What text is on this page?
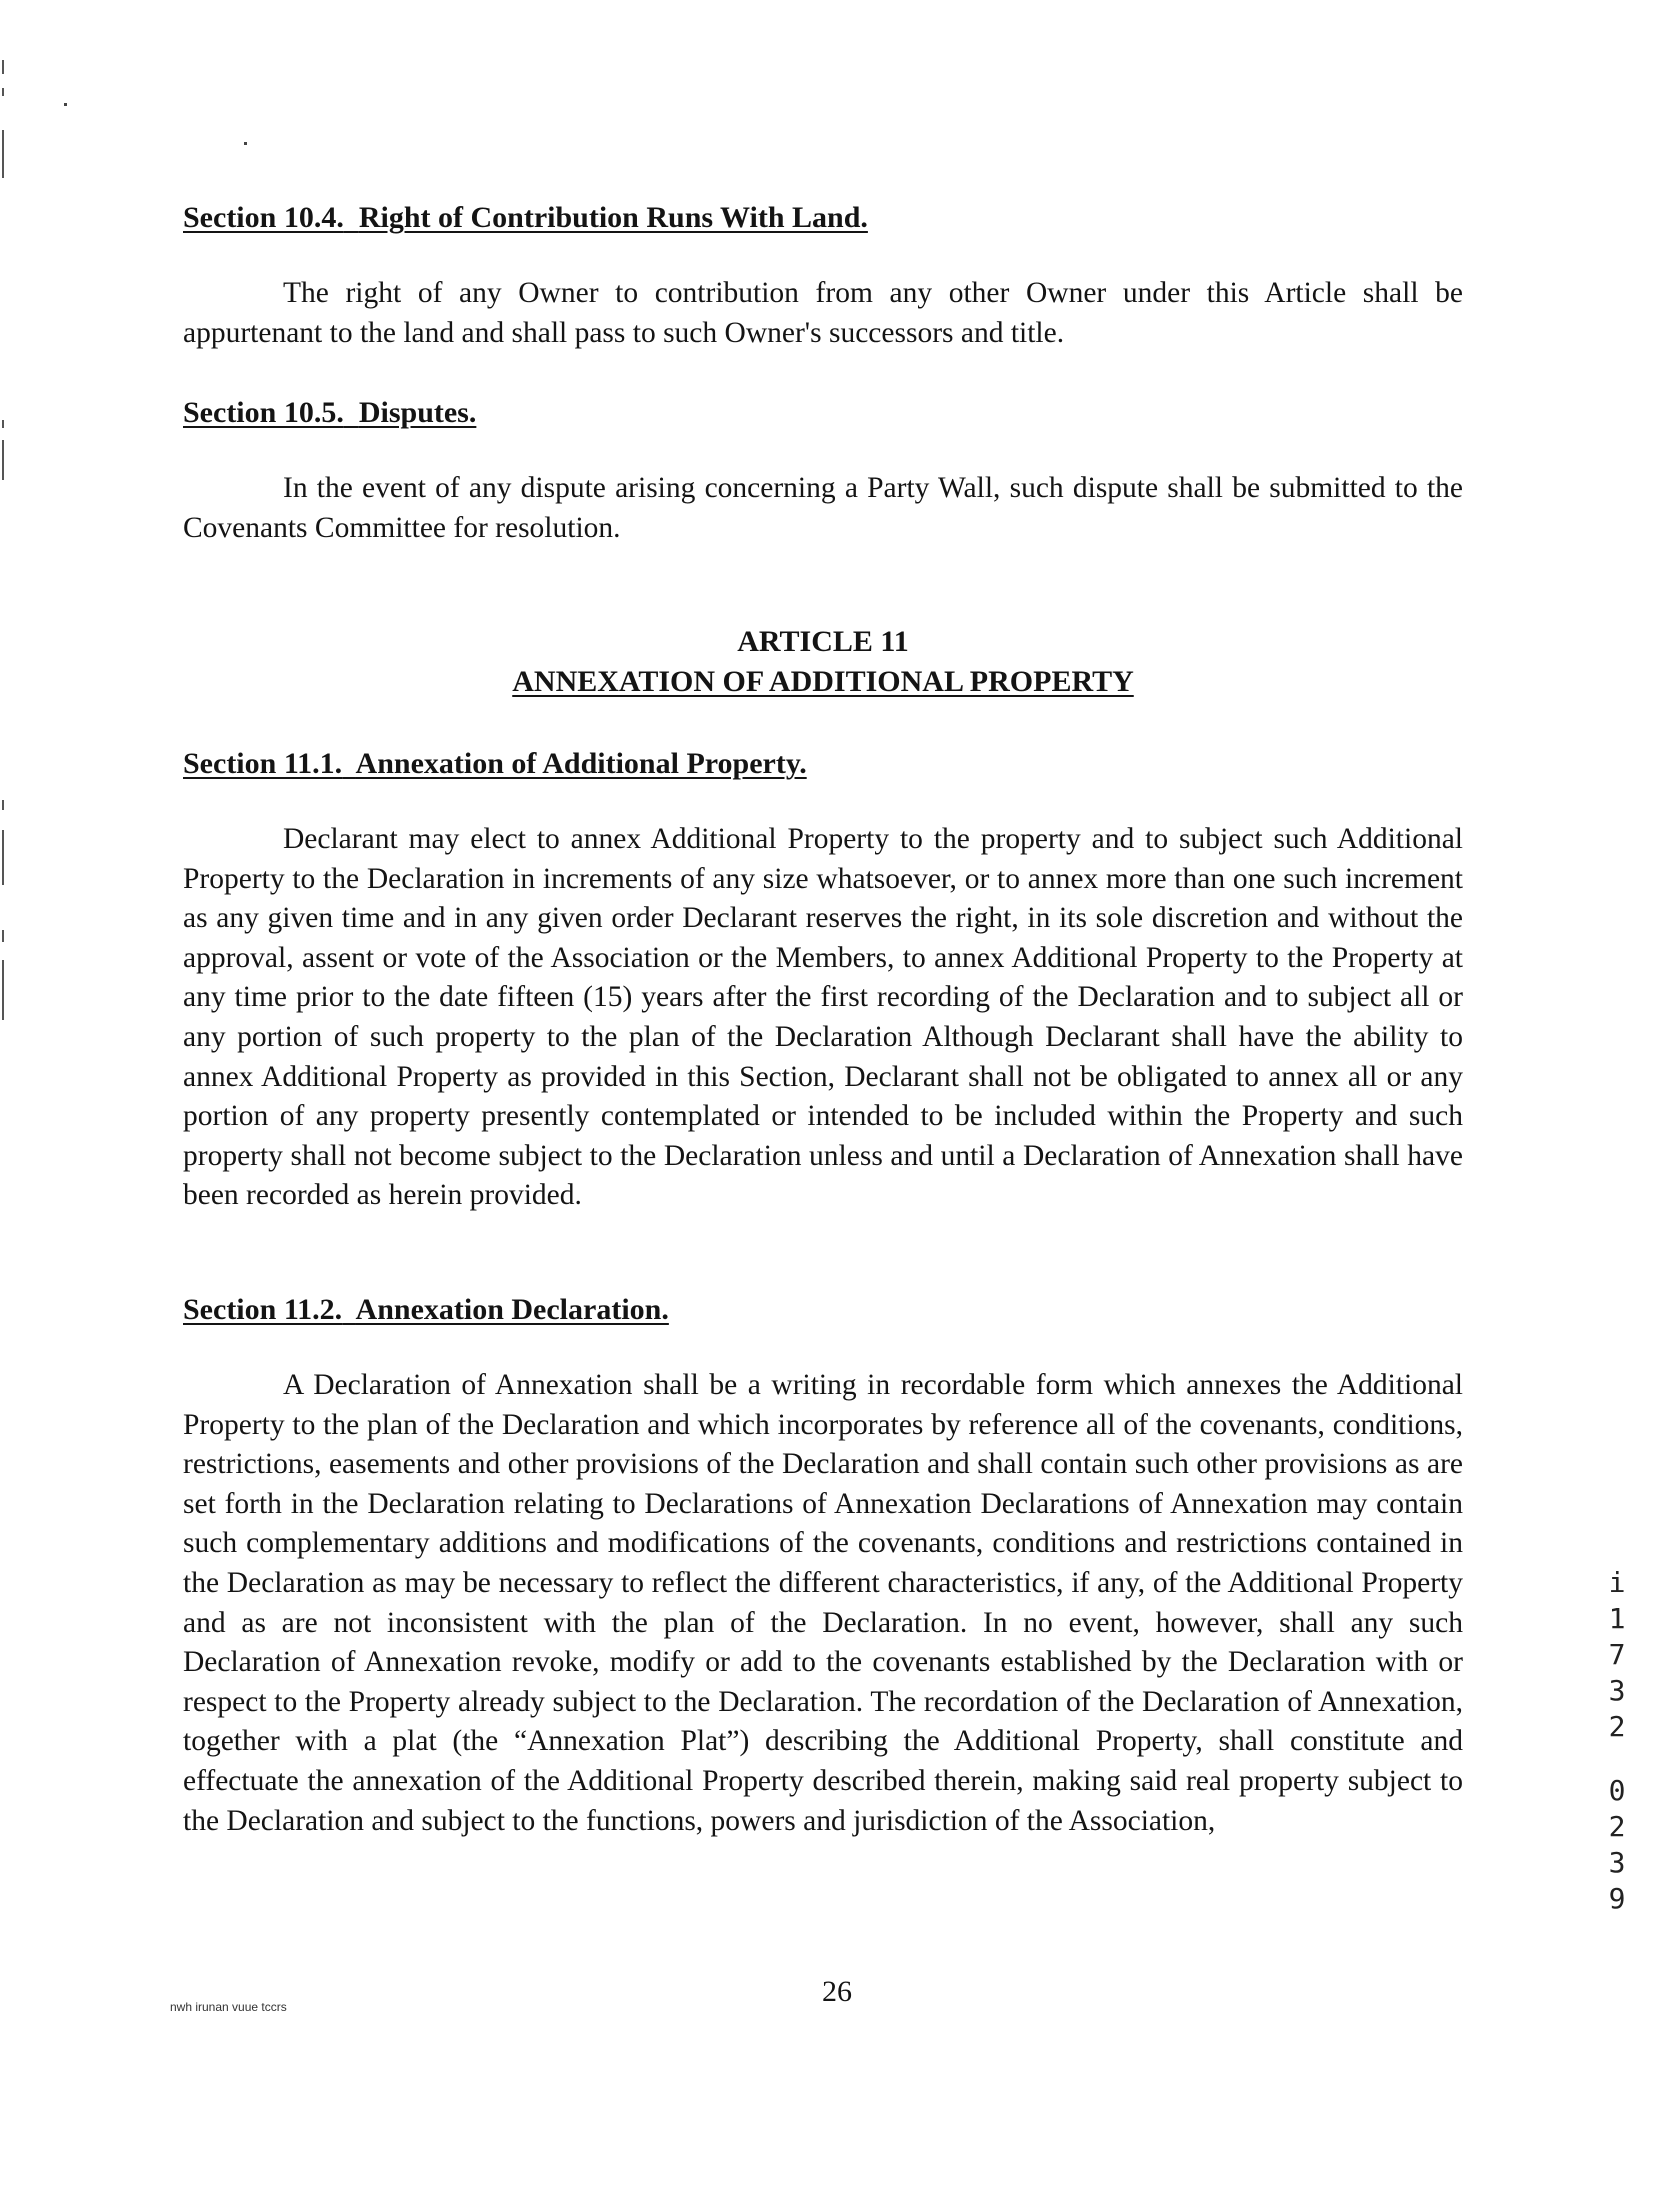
Section 10.4. Right of Contribution Runs With Land.
The right of any Owner to contribution from any other Owner under this Article shall be appurtenant to the land and shall pass to such Owner's successors and title.
Section 10.5. Disputes.
In the event of any dispute arising concerning a Party Wall, such dispute shall be submitted to the Covenants Committee for resolution.
ARTICLE 11
ANNEXATION OF ADDITIONAL PROPERTY
Section 11.1. Annexation of Additional Property.
Declarant may elect to annex Additional Property to the property and to subject such Additional Property to the Declaration in increments of any size whatsoever, or to annex more than one such increment as any given time and in any given order Declarant reserves the right, in its sole discretion and without the approval, assent or vote of the Association or the Members, to annex Additional Property to the Property at any time prior to the date fifteen (15) years after the first recording of the Declaration and to subject all or any portion of such property to the plan of the Declaration Although Declarant shall have the ability to annex Additional Property as provided in this Section, Declarant shall not be obligated to annex all or any portion of any property presently contemplated or intended to be included within the Property and such property shall not become subject to the Declaration unless and until a Declaration of Annexation shall have been recorded as herein provided.
Section 11.2. Annexation Declaration.
A Declaration of Annexation shall be a writing in recordable form which annexes the Additional Property to the plan of the Declaration and which incorporates by reference all of the covenants, conditions, restrictions, easements and other provisions of the Declaration and shall contain such other provisions as are set forth in the Declaration relating to Declarations of Annexation Declarations of Annexation may contain such complementary additions and modifications of the covenants, conditions and restrictions contained in the Declaration as may be necessary to reflect the different characteristics, if any, of the Additional Property and as are not inconsistent with the plan of the Declaration. In no event, however, shall any such Declaration of Annexation revoke, modify or add to the covenants established by the Declaration with or respect to the Property already subject to the Declaration. The recordation of the Declaration of Annexation, together with a plat (the “Annexation Plat”) describing the Additional Property, shall constitute and effectuate the annexation of the Additional Property described therein, making said real property subject to the Declaration and subject to the functions, powers and jurisdiction of the Association,
nwh irunan vuue tccrs	26
i
1
7
3
2
0
2
3
9
